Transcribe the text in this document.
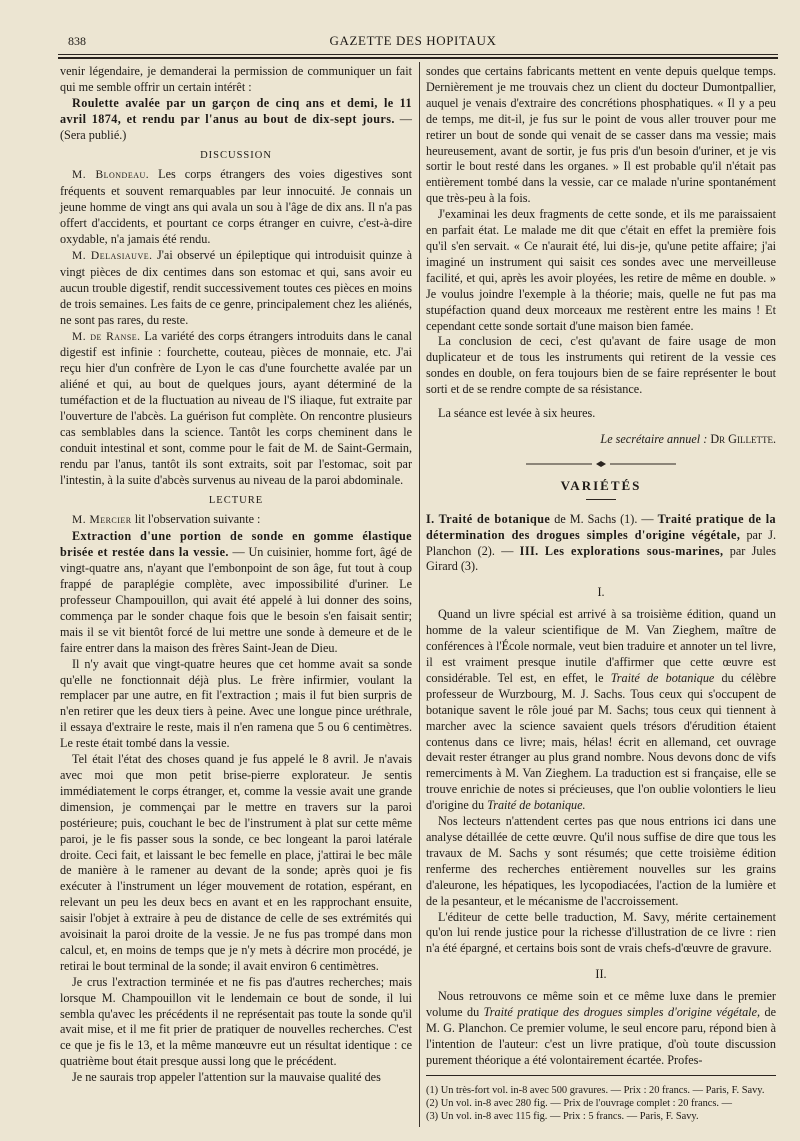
838	GAZETTE DES HOPITAUX

venir légendaire, je demanderai la permission de communiquer un fait qui me semble offrir un certain intérêt :

Roulette avalée par un garçon de cinq ans et demi, le 11 avril 1874, et rendu par l'anus au bout de dix-sept jours. — (Sera publié.)

DISCUSSION

M. Blondeau. Les corps étrangers des voies digestives sont fréquents et souvent remarquables par leur innocuité. Je connais un jeune homme de vingt ans qui avala un sou à l'âge de dix ans. Il n'a pas offert d'accidents, et pourtant ce corps étranger en cuivre, c'est-à-dire oxydable, n'a jamais été rendu.

M. Delasiauve. J'ai observé un épileptique qui introduisit quinze à vingt pièces de dix centimes dans son estomac et qui, sans avoir eu aucun trouble digestif, rendit successivement toutes ces pièces en moins de trois semaines. Les faits de ce genre, principalement chez les aliénés, ne sont pas rares, du reste.

M. de Ranse. La variété des corps étrangers introduits dans le canal digestif est infinie : fourchette, couteau, pièces de monnaie, etc. J'ai reçu hier d'un confrère de Lyon le cas d'une fourchette avalée par un aliéné et qui, au bout de quelques jours, ayant déterminé de la tuméfaction et de la fluctuation au niveau de l'S iliaque, fut extraite par l'ouverture de l'abcès. La guérison fut complète. On rencontre plusieurs cas semblables dans la science. Tantôt les corps cheminent dans le conduit intestinal et sont, comme pour le fait de M. de Saint-Germain, rendu par l'anus, tantôt ils sont extraits, soit par l'estomac, soit par l'intestin, à la suite d'abcès survenus au niveau de la paroi abdominale.

LECTURE

M. Mercier lit l'observation suivante :

Extraction d'une portion de sonde en gomme élastique brisée et restée dans la vessie. — Un cuisinier, homme fort, âgé de vingt-quatre ans, n'ayant que l'embonpoint de son âge, fut tout à coup frappé de paraplégie complète, avec impossibilité d'uriner. Le professeur Champouillon, qui avait été appelé à lui donner des soins, commença par le sonder chaque fois que le besoin s'en faisait sentir; mais il se vit bientôt forcé de lui mettre une sonde à demeure et de le faire entrer dans la maison des frères Saint-Jean de Dieu.

Il n'y avait que vingt-quatre heures que cet homme avait sa sonde qu'elle ne fonctionnait déjà plus. Le frère infirmier, voulant la remplacer par une autre, en fit l'extraction ; mais il fut bien surpris de n'en retirer que les deux tiers à peine. Avec une longue pince uréthrale, il essaya d'extraire le reste, mais il n'en ramena que 5 ou 6 centimètres. Le reste était tombé dans la vessie.

Tel était l'état des choses quand je fus appelé le 8 avril. Je n'avais avec moi que mon petit brise-pierre explorateur. Je sentis immédiatement le corps étranger, et, comme la vessie avait une grande dimension, je commençai par le mettre en travers sur la paroi postérieure; puis, couchant le bec de l'instrument à plat sur cette même paroi, je le fis passer sous la sonde, ce bec longeant la paroi latérale droite. Ceci fait, et laissant le bec femelle en place, j'attirai le bec mâle de manière à le ramener au devant de la sonde; après quoi je fis exécuter à l'instrument un léger mouvement de rotation, espérant, en relevant un peu les deux becs en avant et en les rapprochant ensuite, saisir l'objet à extraire à peu de distance de celle de ses extrémités qui avoisinait la paroi droite de la vessie. Je ne fus pas trompé dans mon calcul, et, en moins de temps que je n'y mets à décrire mon procédé, je retirai le bout terminal de la sonde; il avait environ 6 centimètres.

Je crus l'extraction terminée et ne fis pas d'autres recherches; mais lorsque M. Champouillon vit le lendemain ce bout de sonde, il lui sembla qu'avec les précédents il ne représentait pas toute la sonde qu'il avait mise, et il me fit prier de pratiquer de nouvelles recherches. C'est ce que je fis le 13, et la même manœuvre eut un résultat identique : ce quatrième bout était presque aussi long que le précédent.

Je ne saurais trop appeler l'attention sur la mauvaise qualité des

sondes que certains fabricants mettent en vente depuis quelque temps. Dernièrement je me trouvais chez un client du docteur Dumontpallier, auquel je venais d'extraire des concrétions phosphatiques. « Il y a peu de temps, me dit-il, je fus sur le point de vous aller trouver pour me retirer un bout de sonde qui venait de se casser dans ma vessie; mais heureusement, avant de sortir, je fus pris d'un besoin d'uriner, et je vis sortir le bout resté dans les organes. » Il est probable qu'il n'était pas entièrement tombé dans la vessie, car ce malade n'urine spontanément que très-peu à la fois.

J'examinai les deux fragments de cette sonde, et ils me paraissaient en parfait état. Le malade me dit que c'était en effet la première fois qu'il s'en servait. « Ce n'aurait été, lui dis-je, qu'une petite affaire; j'ai imaginé un instrument qui saisit ces sondes avec une merveilleuse facilité, et qui, après les avoir ployées, les retire de même en double. » Je voulus joindre l'exemple à la théorie; mais, quelle ne fut pas ma stupéfaction quand deux morceaux me restèrent entre les mains ! Et cependant cette sonde sortait d'une maison bien famée.

La conclusion de ceci, c'est qu'avant de faire usage de mon duplicateur et de tous les instruments qui retirent de la vessie ces sondes en double, on fera toujours bien de se faire représenter le bout sorti et de se rendre compte de sa résistance.

La séance est levée à six heures.

Le secrétaire annuel : Dr Gillette.
VARIÉTÉS

I. Traité de botanique de M. Sachs (1). — Traité pratique de la détermination des drogues simples d'origine végétale, par J. Planchon (2). — III. Les explorations sous-marines, par Jules Girard (3).

I.

Quand un livre spécial est arrivé à sa troisième édition, quand un homme de la valeur scientifique de M. Van Zieghem, maître de conférences à l'École normale, veut bien traduire et annoter un tel livre, il est vraiment presque inutile d'affirmer que cette œuvre est considérable. Tel est, en effet, le Traité de botanique du célèbre professeur de Wurzbourg, M. J. Sachs. Tous ceux qui s'occupent de botanique savent le rôle joué par M. Sachs; tous ceux qui tiennent à marcher avec la science savaient quels trésors d'érudition étaient contenus dans ce livre; mais, hélas! écrit en allemand, cet ouvrage devait rester étranger au plus grand nombre. Nous devons donc de vifs remerciments à M. Van Zieghem. La traduction est si française, elle se trouve enrichie de notes si précieuses, que l'on oublie volontiers le lieu d'origine du Traité de botanique.

Nos lecteurs n'attendent certes pas que nous entrions ici dans une analyse détaillée de cette œuvre. Qu'il nous suffise de dire que tous les travaux de M. Sachs y sont résumés; que cette troisième édition renferme des recherches entièrement nouvelles sur les grains d'aleurone, les hépatiques, les lycopodiacées, l'action de la lumière et de la pesanteur, et le mécanisme de l'accroissement.

L'éditeur de cette belle traduction, M. Savy, mérite certainement qu'on lui rende justice pour la richesse d'illustration de ce livre : rien n'a été épargné, et certains bois sont de vrais chefs-d'œuvre de gravure.

II.

Nous retrouvons ce même soin et ce même luxe dans le premier volume du Traité pratique des drogues simples d'origine végétale, de M. G. Planchon. Ce premier volume, le seul encore paru, répond bien à l'intention de l'auteur: c'est un livre pratique, d'où toute discussion purement théorique a été volontairement écartée. Profes-

(1) Un très-fort vol. in-8 avec 500 gravures. — Prix : 20 francs. — Paris, F. Savy.
(2) Un vol. in-8 avec 280 fig. — Prix de l'ouvrage complet : 20 francs. —
(3) Un vol. in-8 avec 115 fig. — Prix : 5 francs. — Paris, F. Savy.
